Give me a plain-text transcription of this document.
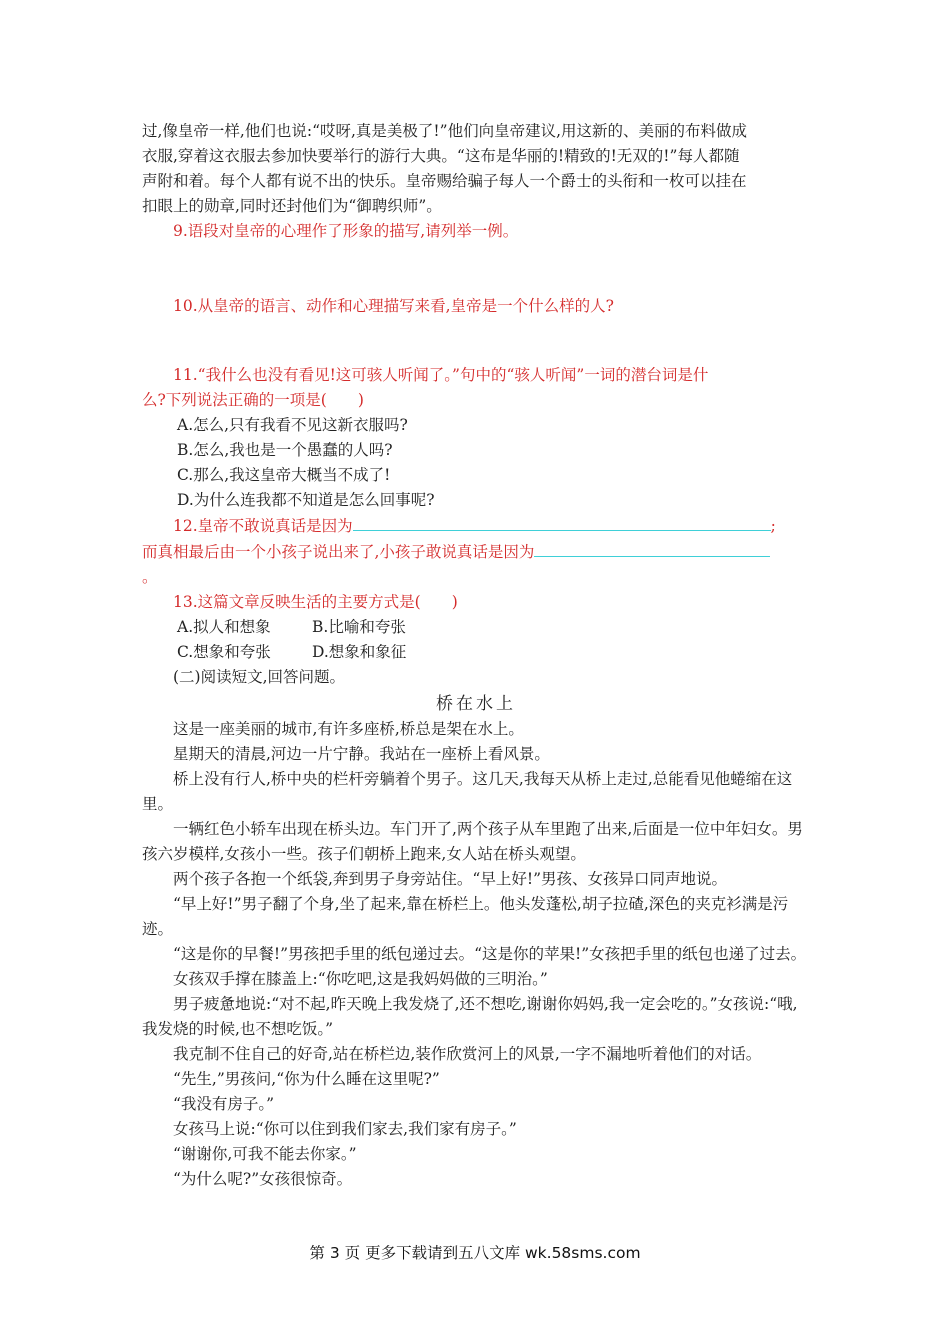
过,像皇帝一样,他们也说:“哎呀,真是美极了!”他们向皇帝建议,用这新的、美丽的布料做成

衣服,穿着这衣服去参加快要举行的游行大典。“这布是华丽的!精致的!无双的!”每人都随

声附和着。每个人都有说不出的快乐。皇帝赐给骗子每人一个爵士的头衔和一枚可以挂在

扣眼上的勋章,同时还封他们为“御聘织师”。

9.语段对皇帝的心理作了形象的描写,请列举一例。

10.从皇帝的语言、动作和心理描写来看,皇帝是一个什么样的人?

11.“我什么也没有看见!这可骇人听闻了。”句中的“骇人听闻”一词的潜台词是什

么?下列说法正确的一项是(　　)

A.怎么,只有我看不见这新衣服吗?

B.怎么,我也是一个愚蠢的人吗?

C.那么,我这皇帝大概当不成了!

D.为什么连我都不知道是怎么回事呢?

12.皇帝不敢说真话是因为	;

而真相最后由一个小孩子说出来了,小孩子敢说真话是因为

。

13.这篇文章反映生活的主要方式是(　　)

A.拟人和想象	B.比喻和夸张

C.想象和夸张	D.想象和象征

(二)阅读短文,回答问题。

桥在水上

这是一座美丽的城市,有许多座桥,桥总是架在水上。

星期天的清晨,河边一片宁静。我站在一座桥上看风景。

桥上没有行人,桥中央的栏杆旁躺着个男子。这几天,我每天从桥上走过,总能看见他蜷缩在这里。

一辆红色小轿车出现在桥头边。车门开了,两个孩子从车里跑了出来,后面是一位中年妇女。男孩六岁模样,女孩小一些。孩子们朝桥上跑来,女人站在桥头观望。

两个孩子各抱一个纸袋,奔到男子身旁站住。“早上好!”男孩、女孩异口同声地说。

“早上好!”男子翻了个身,坐了起来,靠在桥栏上。他头发蓬松,胡子拉碴,深色的夹克衫满是污迹。

“这是你的早餐!”男孩把手里的纸包递过去。“这是你的苹果!”女孩把手里的纸包也递了过去。

女孩双手撑在膝盖上:“你吃吧,这是我妈妈做的三明治。”

男子疲惫地说:“对不起,昨天晚上我发烧了,还不想吃,谢谢你妈妈,我一定会吃的。”女孩说:“哦,我发烧的时候,也不想吃饭。”

我克制不住自己的好奇,站在桥栏边,装作欣赏河上的风景,一字不漏地听着他们的对话。

“先生,”男孩问,“你为什么睡在这里呢?”

“我没有房子。”

女孩马上说:“你可以住到我们家去,我们家有房子。”

“谢谢你,可我不能去你家。”

“为什么呢?”女孩很惊奇。

第 3 页 更多下载请到五八文库 wk.58sms.com
